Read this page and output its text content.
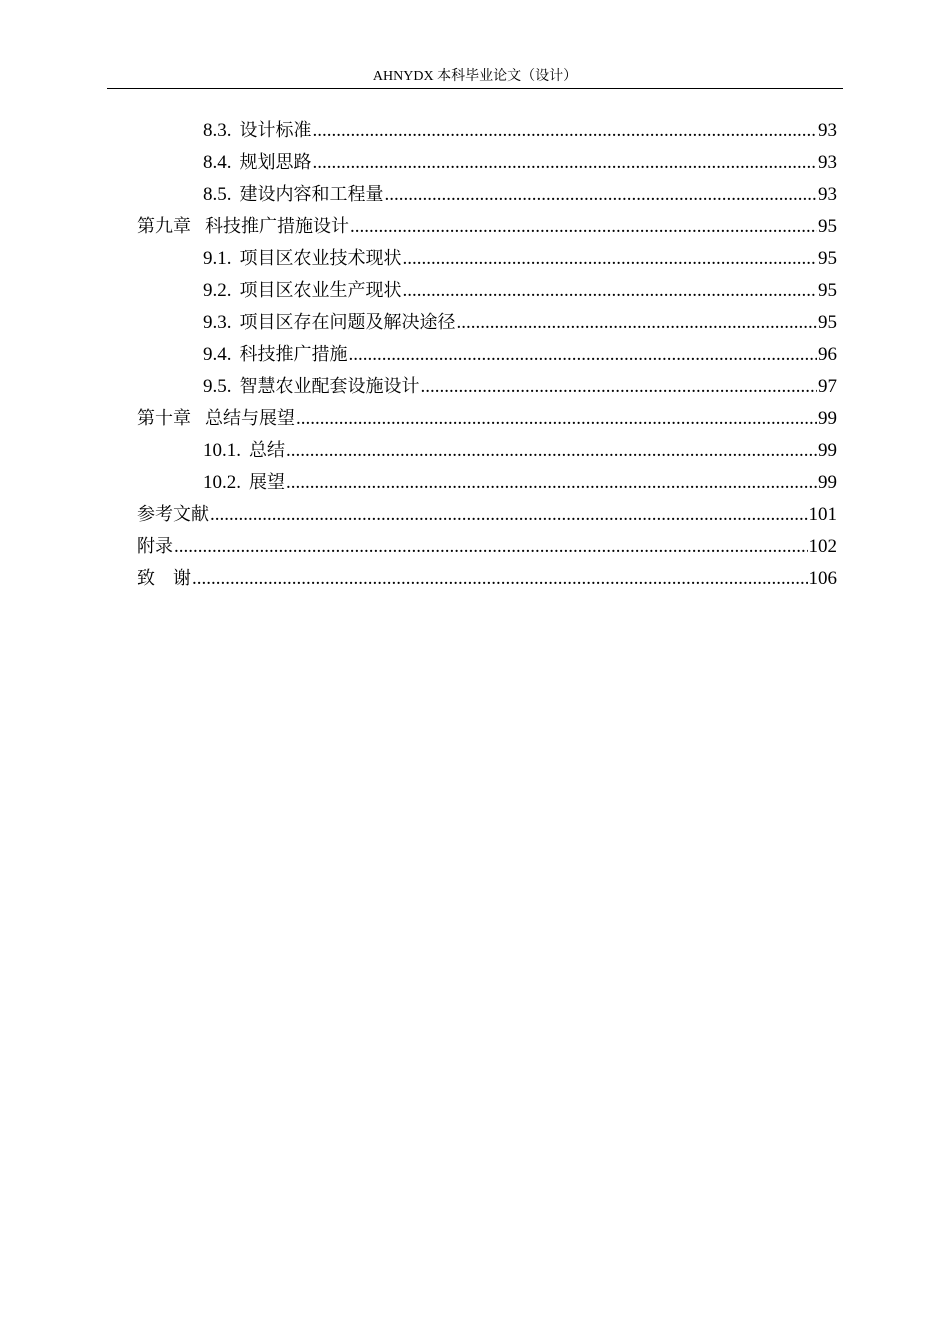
AHNYDX 本科毕业论文（设计）
8.3. 设计标准 .....	93
8.4. 规划思路 .....	93
8.5. 建设内容和工程量 .....	93
第九章 科技推广措施设计 .....	95
9.1. 项目区农业技术现状 .....	95
9.2. 项目区农业生产现状 .....	95
9.3. 项目区存在问题及解决途径 .....	95
9.4. 科技推广措施 .....	96
9.5. 智慧农业配套设施设计 .....	97
第十章 总结与展望 .....	99
10.1. 总结 .....	99
10.2. 展望 .....	99
参考文献 .....	101
附录 .....	102
致　谢 .....	106
